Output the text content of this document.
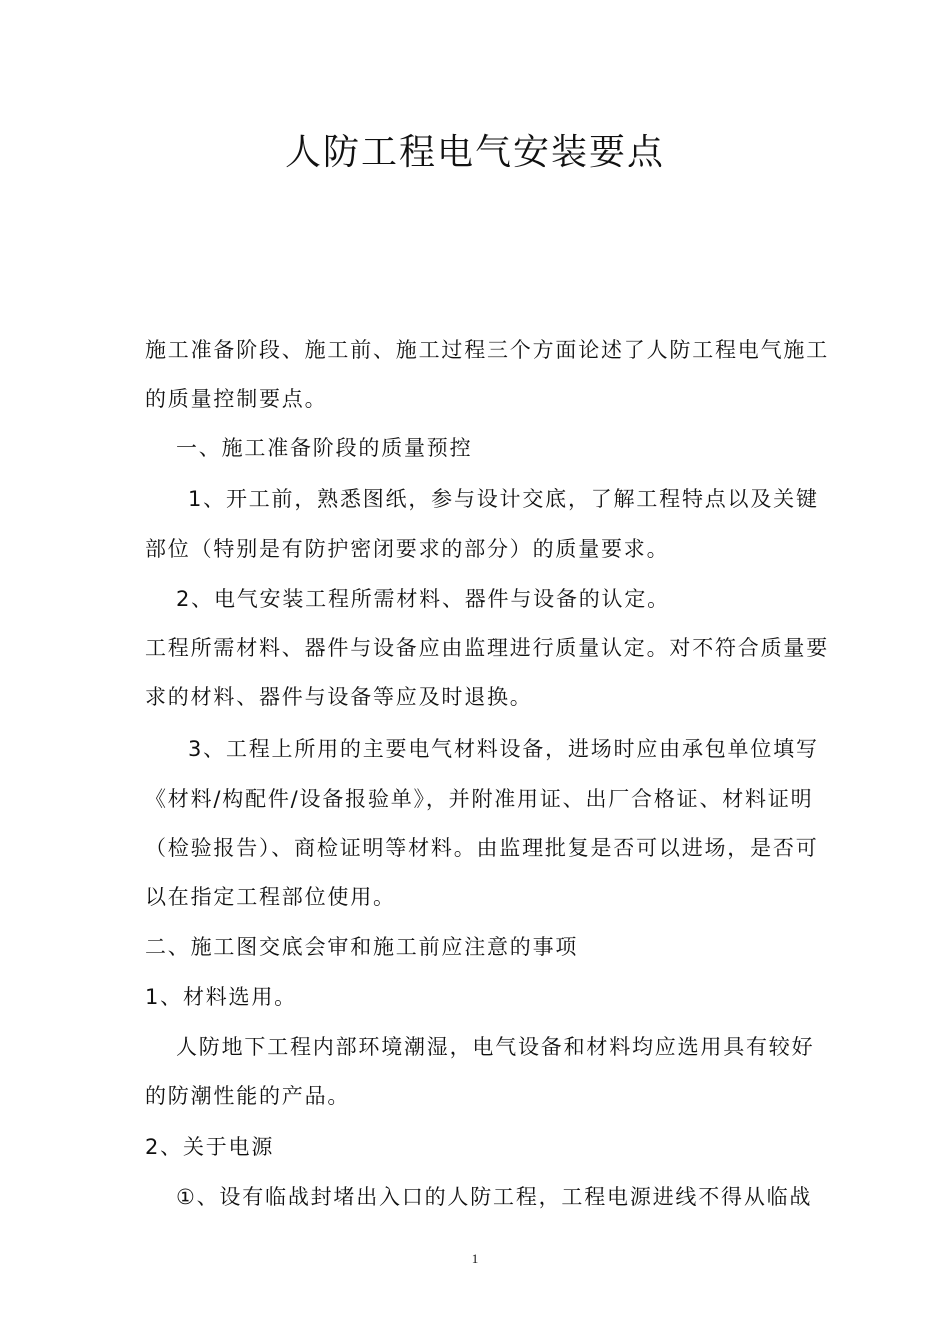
人防工程电气安装要点
施工准备阶段、施工前、施工过程三个方面论述了人防工程电气施工
的质量控制要点。
一、施工准备阶段的质量预控
1、开工前，熟悉图纸，参与设计交底，了解工程特点以及关键
部位（特别是有防护密闭要求的部分）的质量要求。
2、电气安装工程所需材料、器件与设备的认定。
工程所需材料、器件与设备应由监理进行质量认定。对不符合质量要
求的材料、器件与设备等应及时退换。
3、工程上所用的主要电气材料设备，进场时应由承包单位填写
《材料/构配件/设备报验单》，并附准用证、出厂合格证、材料证明
（检验报告）、商检证明等材料。由监理批复是否可以进场，是否可
以在指定工程部位使用。
二、施工图交底会审和施工前应注意的事项
1、材料选用。
人防地下工程内部环境潮湿，电气设备和材料均应选用具有较好
的防潮性能的产品。
2、关于电源
①、设有临战封堵出入口的人防工程，工程电源进线不得从临战
1
